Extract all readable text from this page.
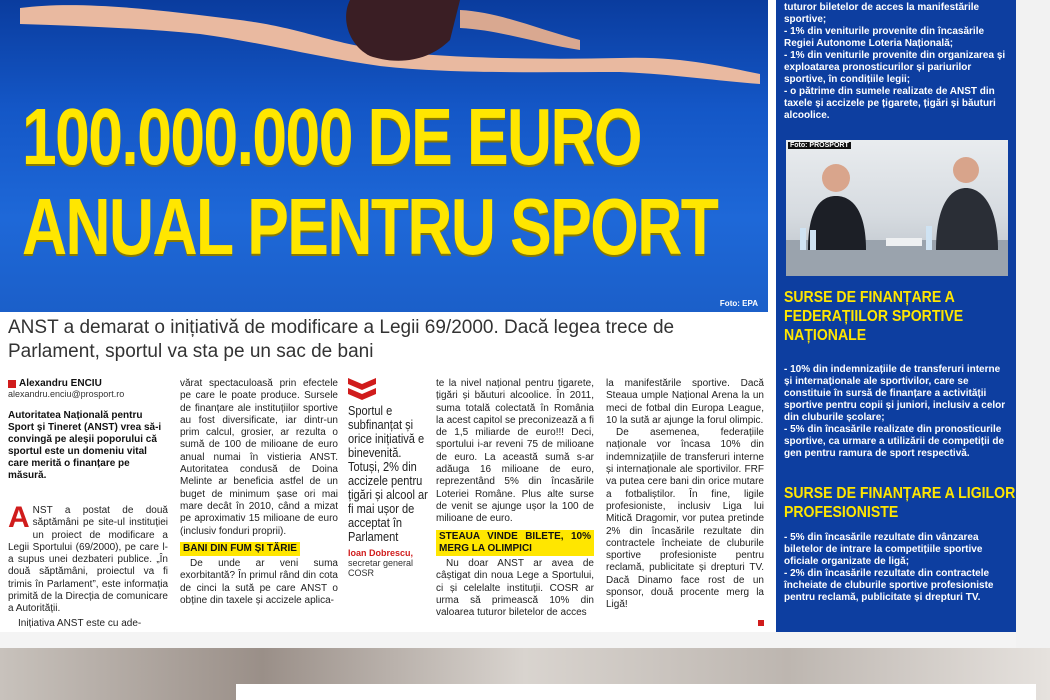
100.000.000 DE EURO
ANUAL PENTRU SPORT
Foto: EPA
ANST a demarat o inițiativă de modificare a Legii 69/2000. Dacă legea trece de Parlament, sportul va sta pe un sac de bani
Alexandru ENCIU
alexandru.enciu@prosport.ro
Autoritatea Națională pentru Sport și Tineret (ANST) vrea să-i convingă pe aleșii poporului că sportul este un domeniu vital care merită o finanțare pe măsură.
ANST a postat de două săptămâni pe site-ul instituției un proiect de modificare a Legii Sportului (69/2000), pe care l-a supus unei dezbateri publice. „În două săptămâni, proiectul va fi trimis în Parlament”, este informația primită de la Direcția de comunicare a Autorității.
Inițiativa ANST este cu ade-
vărat spectaculoasă prin efectele pe care le poate produce. Sursele de finanțare ale instituțiilor sportive au fost diversificate, iar dintr-un prim calcul, grosier, ar rezulta o sumă de 100 de milioane de euro anual numai în vistieria ANST. Autoritatea condusă de Doina Melinte ar beneficia astfel de un buget de minimum șase ori mai mare decât în 2010, când a mizat pe aproximativ 15 milioane de euro (inclusiv fonduri proprii).
BANI DIN FUM ȘI TĂRIE
De unde ar veni suma exorbitantă? În primul rând din cota de cinci la sută pe care ANST o obține din taxele și accizele aplica-
Sportul e subfinanțat și orice inițiativă e binevenită. Totuși, 2% din accizele pentru țigări și alcool ar fi mai ușor de acceptat în Parlament
Ioan Dobrescu,
secretar general COSR
te la nivel național pentru țigarete, țigări și băuturi alcoolice. În 2011, suma totală colectată în România la acest capitol se preconizează a fi de 1,5 miliarde de euro!!! Deci, sportului i-ar reveni 75 de milioane de euro. La această sumă s-ar adăuga 16 milioane de euro, reprezentând 5% din încasările Loteriei Române. Plus alte surse de venit se ajunge ușor la 100 de milioane de euro.
STEAUA VINDE BILETE, 10% MERG LA OLIMPICI
Nu doar ANST ar avea de câștigat din noua Lege a Sportului, ci și celelalte instituții. COSR ar urma să primească 10% din valoarea tuturor biletelor de acces
la manifestările sportive. Dacă Steaua umple Național Arena la un meci de fotbal din Europa League, 10 la sută ar ajunge la forul olimpic.
De asemenea, federațiile naționale vor încasa 10% din indemnizațiile de transferuri interne și internaționale ale sportivilor. FRF va putea cere bani din orice mutare a fotbaliștilor. În fine, ligile profesioniste, inclusiv Liga lui Mitică Dragomir, vor putea pretinde 2% din încasările rezultate din contractele încheiate de cluburile sportive profesioniste pentru reclamă, publicitate și drepturi TV. Dacă Dinamo face rost de un sponsor, două procente merg la Ligă!
tuturor biletelor de acces la manifestările sportive;
- 1% din veniturile provenite din încasările Regiei Autonome Loteria Națională;
- 1% din veniturile provenite din organizarea și exploatarea pronosticurilor și pariurilor sportive, în condițiile legii;
- o pătrime din sumele realizate de ANST din taxele și accizele pe țigarete, țigări și băuturi alcoolice.
SURSE DE FINANȚARE A
FEDERAȚIILOR SPORTIVE
NAȚIONALE
- 10% din indemnizațiile de transferuri interne și internaționale ale sportivilor, care se constituie în sursă de finanțare a activității sportive pentru copii și juniori, inclusiv a celor din cluburile școlare;
- 5% din încasările realizate din pronosticurile sportive, ca urmare a utilizării de competiții de gen pentru ramura de sport respectivă.
SURSE DE FINANȚARE A LIGILOR
PROFESIONISTE
- 5% din încasările rezultate din vânzarea biletelor de intrare la competițiile sportive oficiale organizate de ligă;
- 2% din încasările rezultate din contractele încheiate de cluburile sportive profesioniste pentru reclamă, publicitate și drepturi TV.
Foto: PROSPORT
